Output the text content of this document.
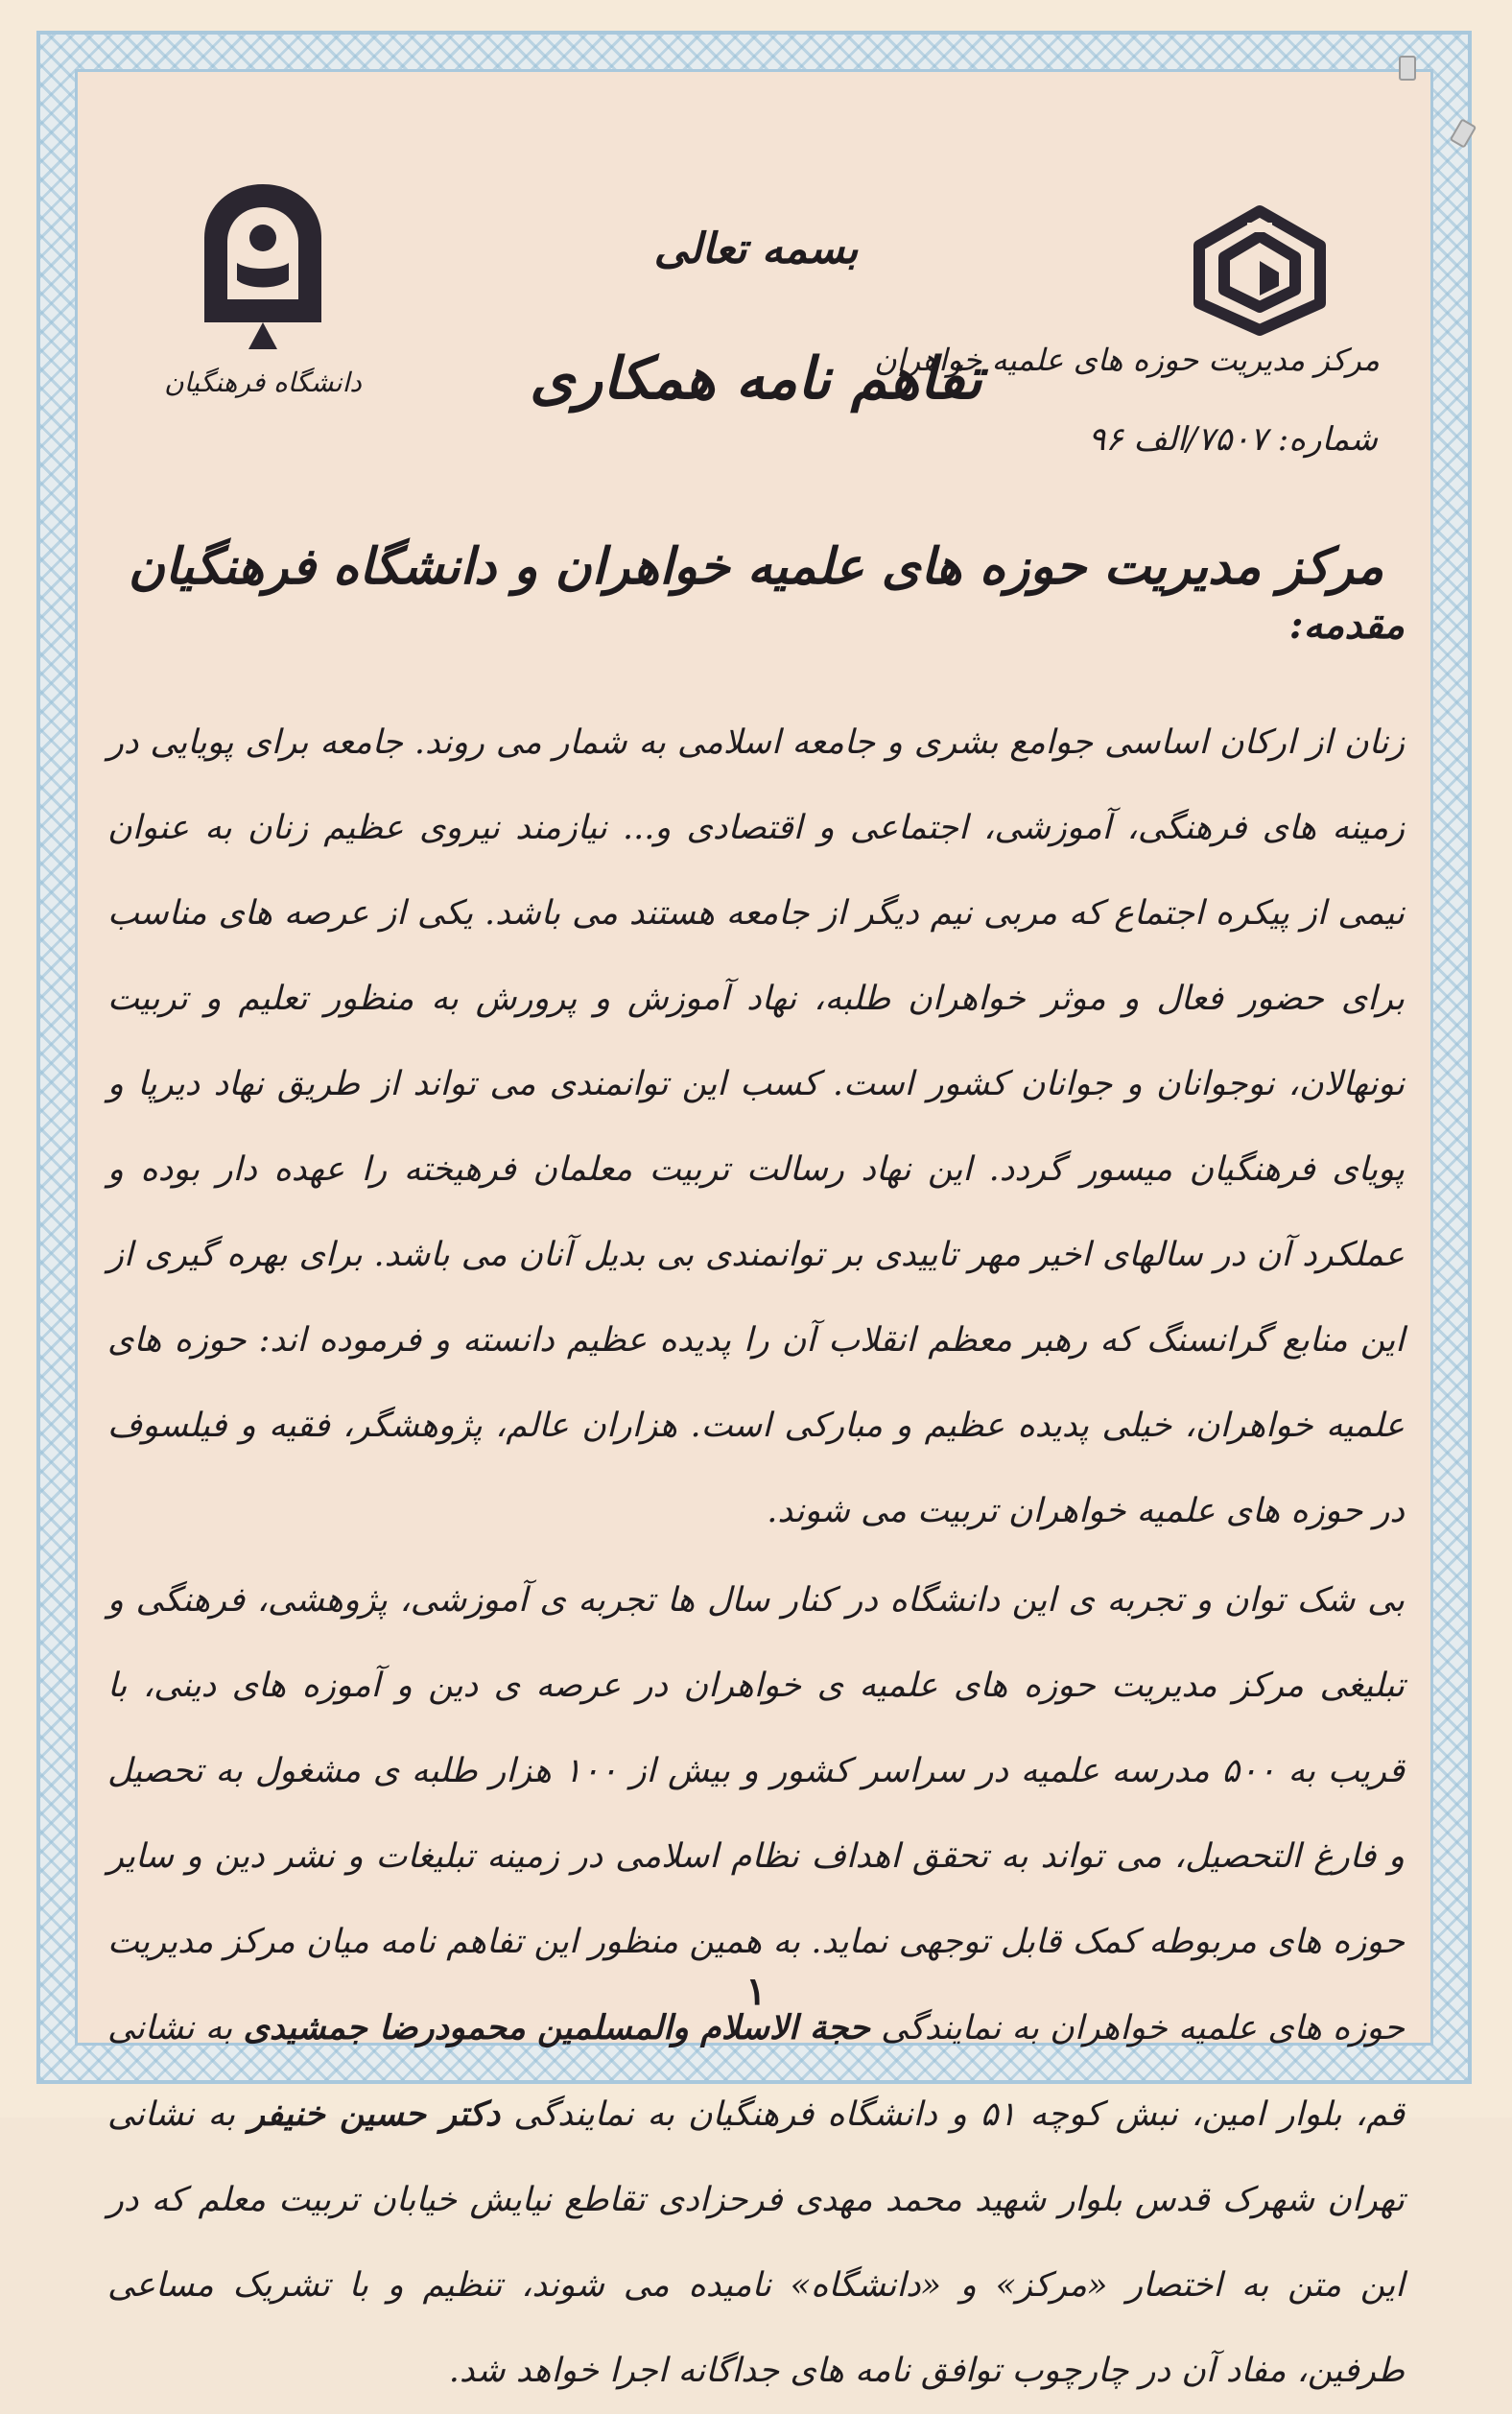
مرکز مدیریت حوزه های علمیه خواهران
دانشگاه فرهنگیان
شماره: ۷۵۰۷/الف ۹۶
بسمه تعالی
تفاهم نامه همکاری
مرکز مدیریت حوزه های علمیه خواهران و دانشگاه فرهنگیان
مقدمه:

زنان از ارکان اساسی جوامع بشری و جامعه اسلامی به شمار می روند. جامعه برای پویایی در زمینه های فرهنگی، آموزشی، اجتماعی و اقتصادی و... نیازمند نیروی عظیم زنان به عنوان نیمی از پیکره اجتماع که مربی نیم دیگر از جامعه هستند می باشد. یکی از عرصه های مناسب برای حضور فعال و موثر خواهران طلبه، نهاد آموزش و پرورش به منظور تعلیم و تربیت نونهالان، نوجوانان و جوانان کشور است. کسب این توانمندی می تواند از طریق نهاد دیرپا و پویای فرهنگیان میسور گردد. این نهاد رسالت تربیت معلمان فرهیخته را عهده دار بوده و عملکرد آن در سالهای اخیر مهر تاییدی بر توانمندی بی بدیل آنان می باشد. برای بهره گیری از این منابع گرانسنگ که رهبر معظم انقلاب آن را پدیده عظیم دانسته و فرموده اند: حوزه های علمیه خواهران، خیلی پدیده عظیم و مبارکی است. هزاران عالم، پژوهشگر، فقیه و فیلسوف در حوزه های علمیه خواهران تربیت می شوند.

بی شک توان و تجربه ی این دانشگاه در کنار سال ها تجربه ی آموزشی، پژوهشی، فرهنگی و تبلیغی مرکز مدیریت حوزه های علمیه ی خواهران در عرصه ی دین و آموزه های دینی، با قریب به ۵۰۰ مدرسه علمیه در سراسر کشور و بیش از ۱۰۰ هزار طلبه ی مشغول به تحصیل و فارغ التحصیل، می تواند به تحقق اهداف نظام اسلامی در زمینه تبلیغات و نشر دین و سایر حوزه های مربوطه کمک قابل توجهی نماید. به همین منظور این تفاهم نامه میان مرکز مدیریت حوزه های علمیه خواهران به نمایندگی حجة الاسلام والمسلمین محمودرضا جمشیدی به نشانی قم، بلوار امین، نبش کوچه ۵۱ و دانشگاه فرهنگیان به نمایندگی دکتر حسین خنیفر به نشانی تهران شهرک قدس بلوار شهید محمد مهدی فرحزادی تقاطع نیایش خیابان تربیت معلم که در این متن به اختصار «مرکز» و «دانشگاه» نامیده می شوند، تنظیم و با تشریک مساعی طرفین، مفاد آن در چارچوب توافق نامه های جداگانه اجرا خواهد شد.

۱
